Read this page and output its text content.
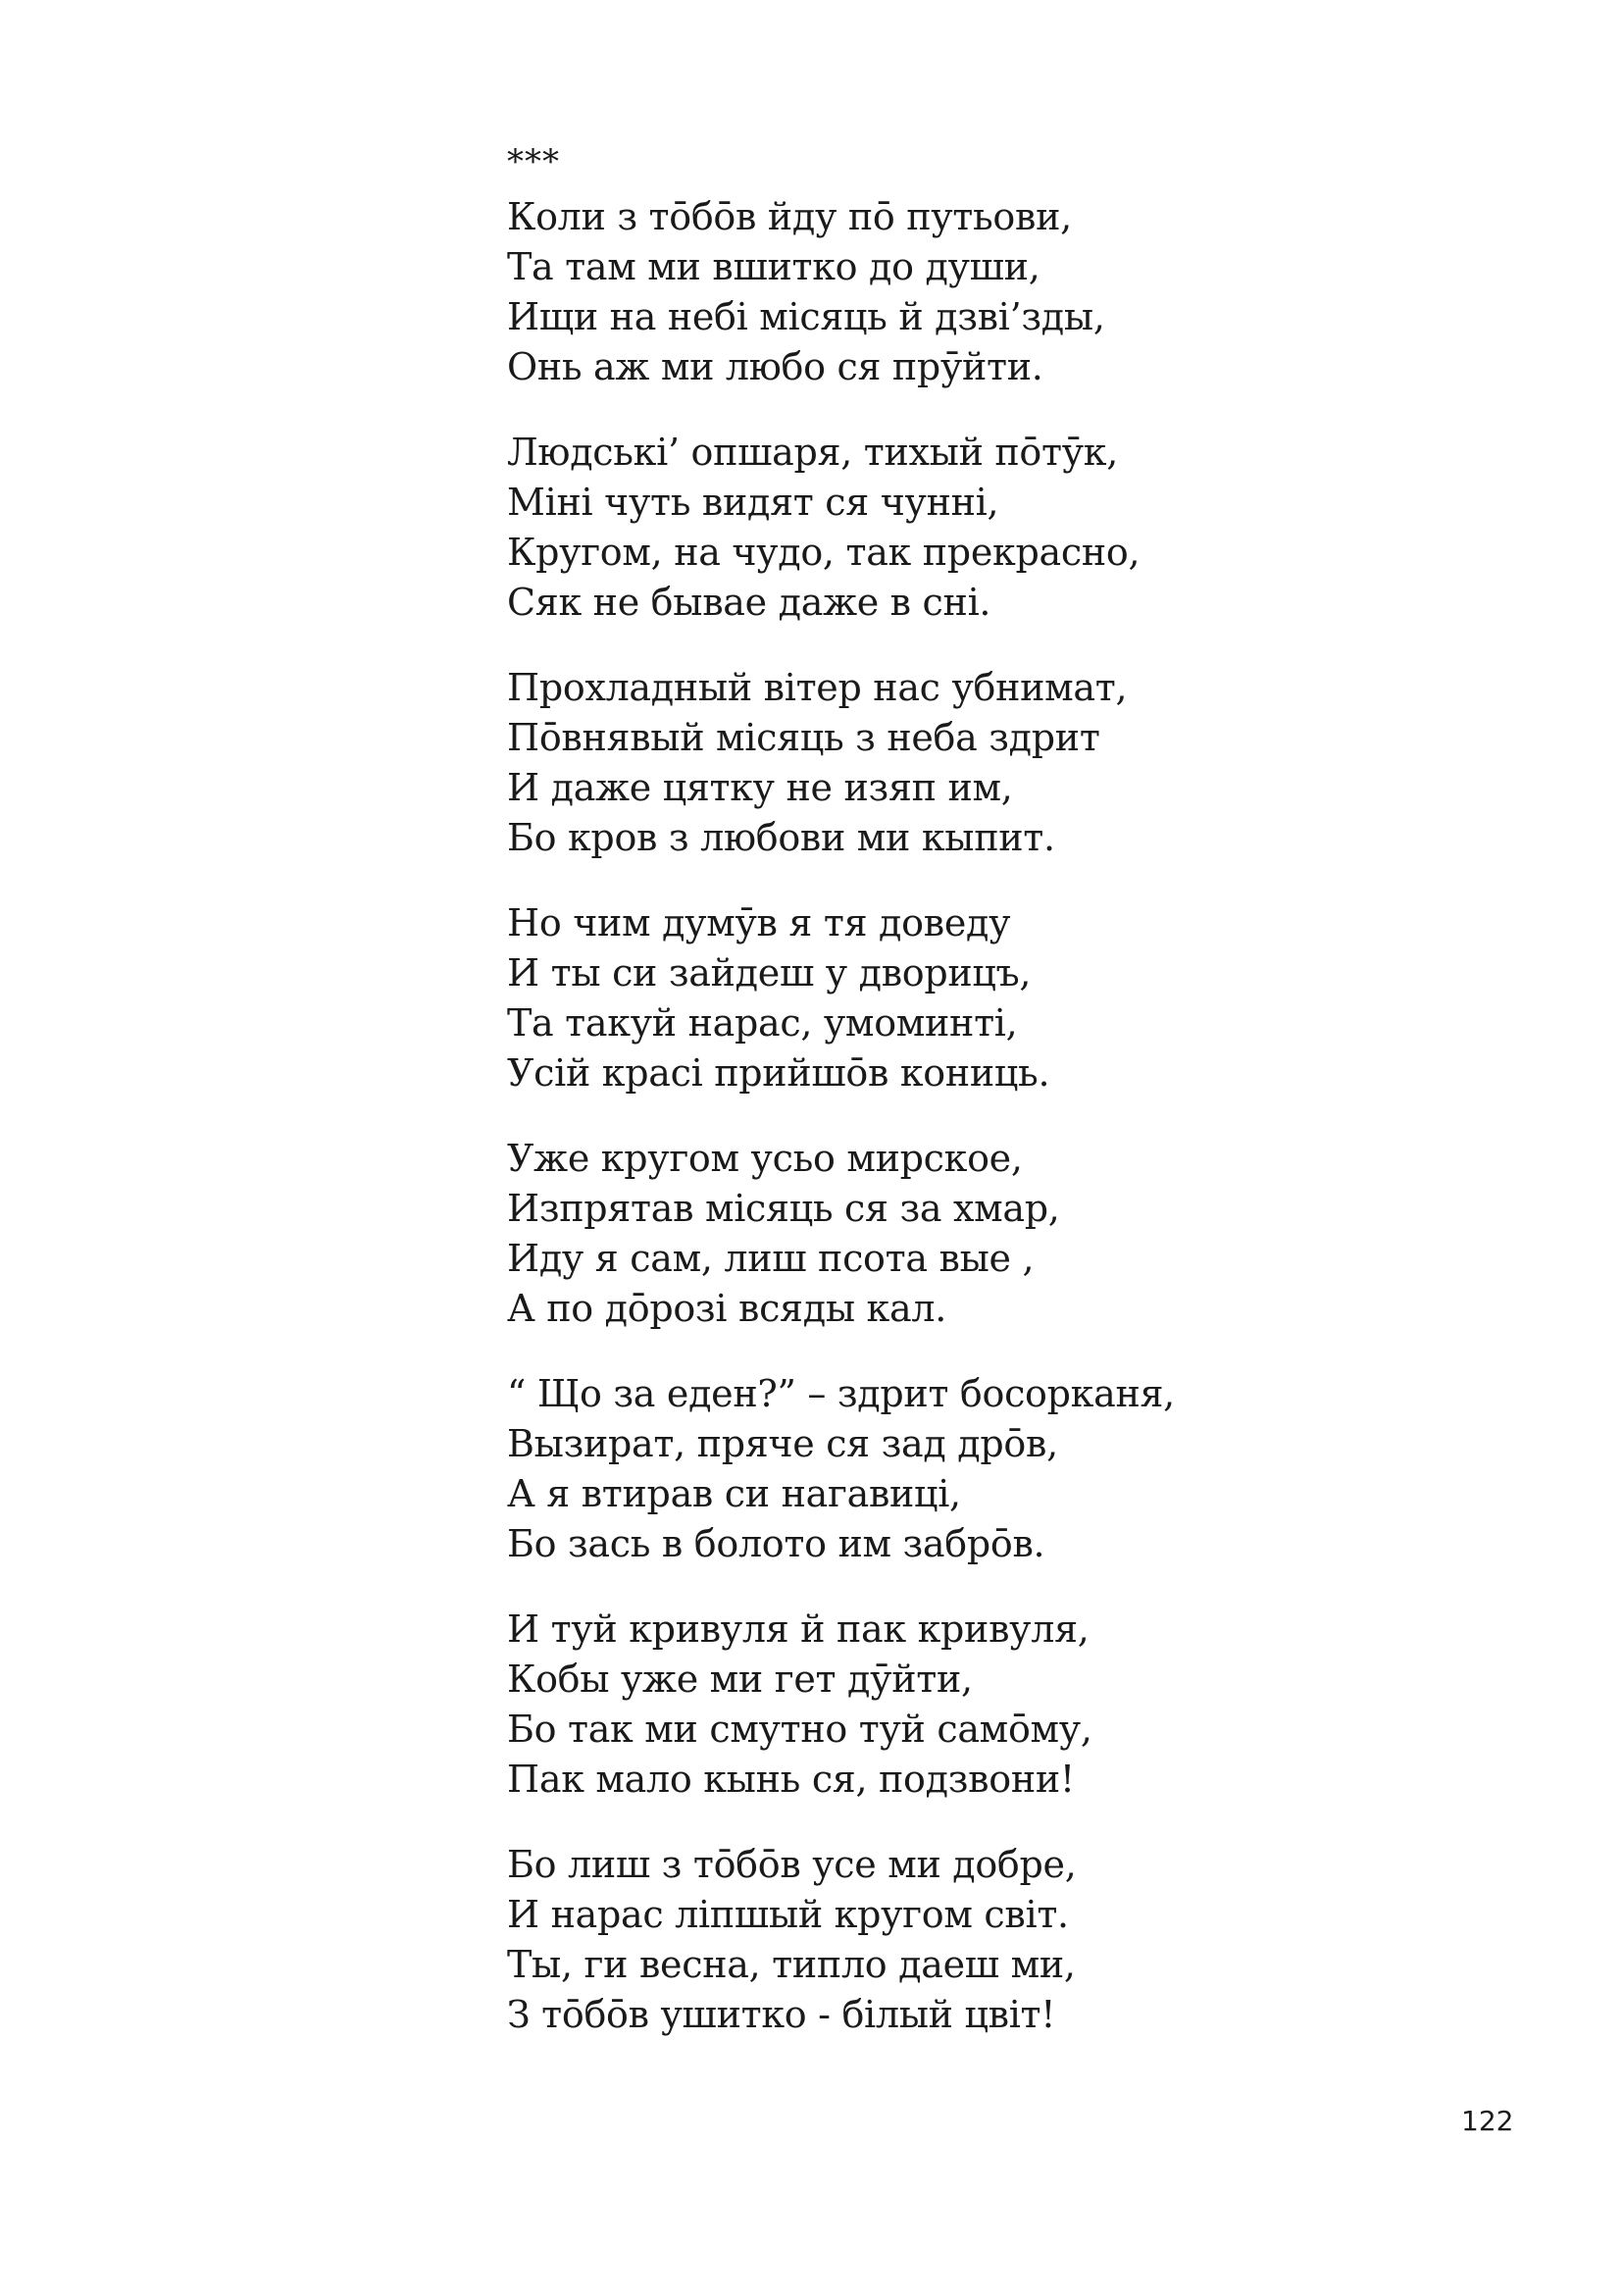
***
Коли з то̄бо̄в йду по̄ путьови,
Та там ми вшитко до души,
Ищи на небі місяць й дзві’зды,
Онь аж ми любо ся прӯйти.
Людські’ опшаря, тихый по̄тӯк,
Міні чуть видят ся чунні,
Кругом, на чудо, так прекрасно,
Сяк не бывае даже в сні.
Прохладный вітер нас убнимат,
По̄внявый місяць з неба здрит
И даже цятку не изяп им,
Бо кров з любови ми кыпит.
Но чим думӯв я тя доведу
И ты си зайдеш у дворицъ,
Та такуй нарас, умоминті,
Усій красі прийшо̄в кониць.
Уже кругом усьо мирское,
Изпрятав місяць ся за хмар,
Иду я сам, лиш псота вые ,
А по до̄розі всяды кал.
“ Що за еден?” – здрит босорканя,
Вызират, пряче ся зад дро̄в,
А я втирав си нагавиці,
Бо зась в болото им забро̄в.
И туй кривуля й пак кривуля,
Кобы уже ми гет дӯйти,
Бо так ми смутно туй само̄му,
Пак мало кынь ся, подзвони!
Бо лиш з то̄бо̄в усе ми добре,
И нарас ліпшый кругом світ.
Ты, ги весна, типло даеш ми,
З то̄бо̄в ушитко - білый цвіт!
122
